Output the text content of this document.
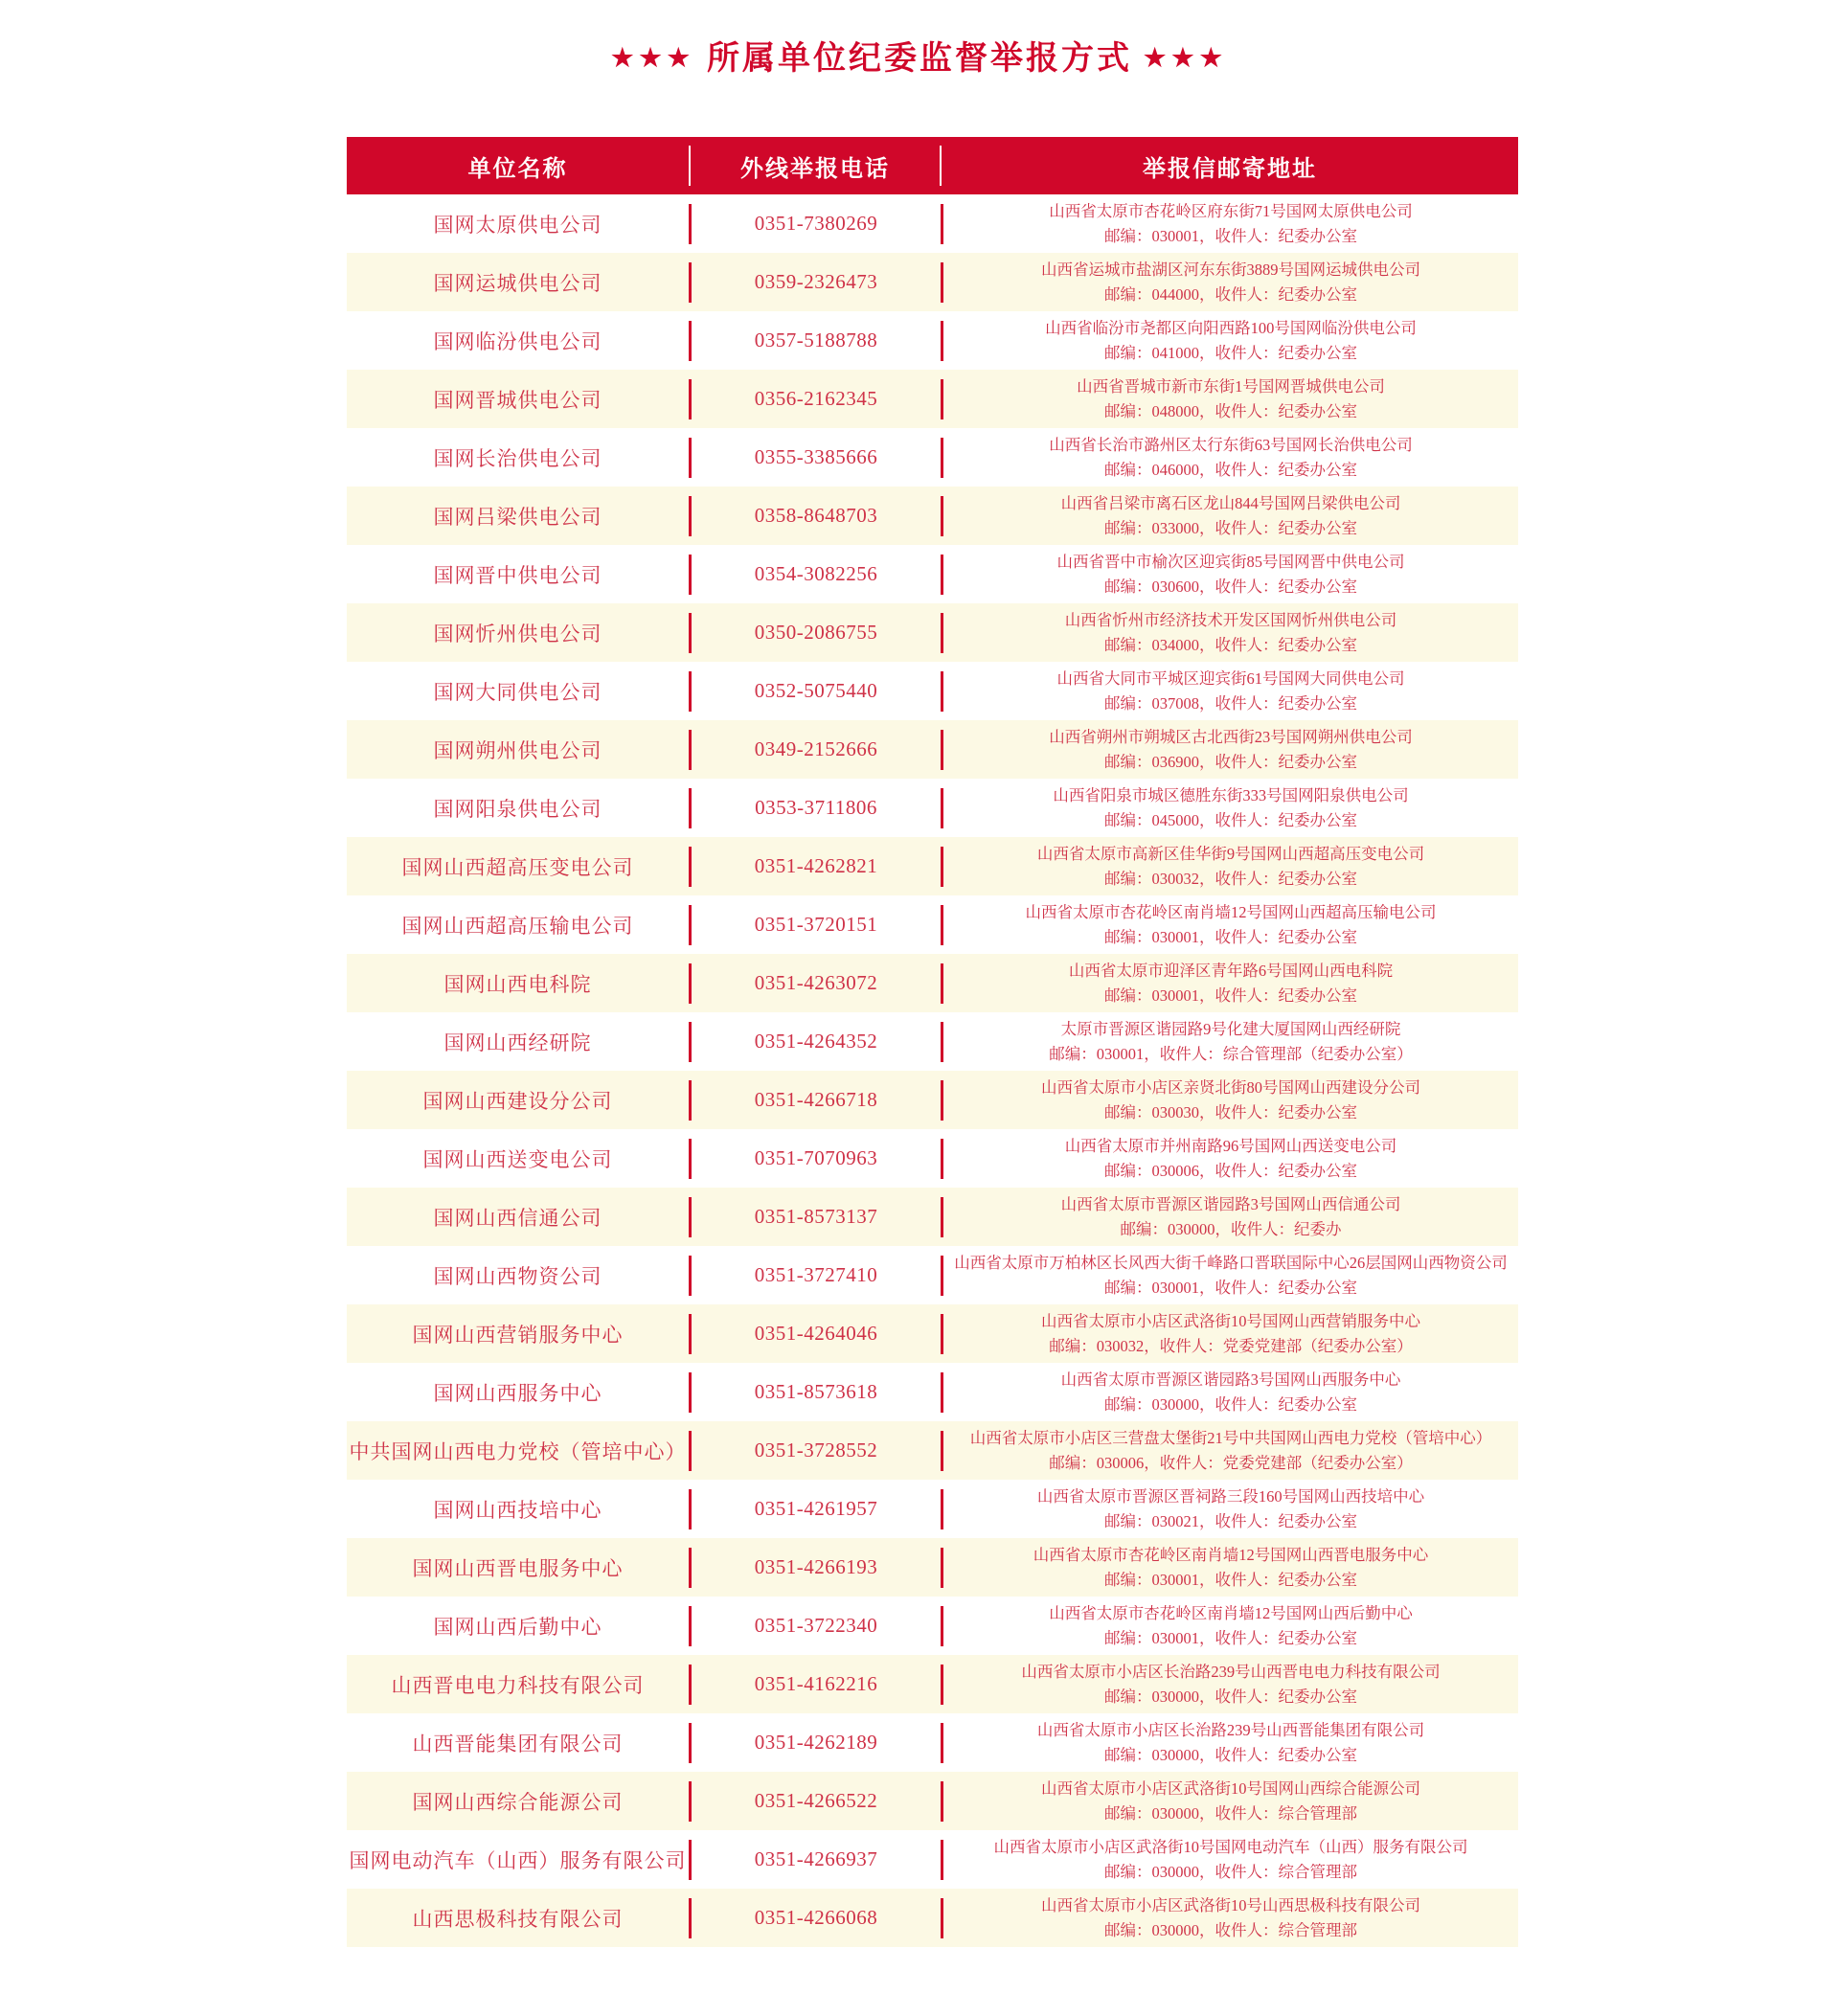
★★★ 所属单位纪委监督举报方式 ★★★
单位名称	外线举报电话	举报信邮寄地址
国网太原供电公司	0351-7380269
山西省太原市杏花岭区府东街71号国网太原供电公司
邮编：030001，收件人：纪委办公室
国网运城供电公司	0359-2326473
山西省运城市盐湖区河东东街3889号国网运城供电公司
邮编：044000，收件人：纪委办公室
国网临汾供电公司	0357-5188788
山西省临汾市尧都区向阳西路100号国网临汾供电公司
邮编：041000，收件人：纪委办公室
国网晋城供电公司	0356-2162345
山西省晋城市新市东街1号国网晋城供电公司
邮编：048000，收件人：纪委办公室
国网长治供电公司	0355-3385666
山西省长治市潞州区太行东街63号国网长治供电公司
邮编：046000，收件人：纪委办公室
国网吕梁供电公司	0358-8648703
山西省吕梁市离石区龙山844号国网吕梁供电公司
邮编：033000，收件人：纪委办公室
国网晋中供电公司	0354-3082256
山西省晋中市榆次区迎宾街85号国网晋中供电公司
邮编：030600，收件人：纪委办公室
国网忻州供电公司	0350-2086755
山西省忻州市经济技术开发区国网忻州供电公司
邮编：034000，收件人：纪委办公室
国网大同供电公司	0352-5075440
山西省大同市平城区迎宾街61号国网大同供电公司
邮编：037008，收件人：纪委办公室
国网朔州供电公司	0349-2152666
山西省朔州市朔城区古北西街23号国网朔州供电公司
邮编：036900，收件人：纪委办公室
国网阳泉供电公司	0353-3711806
山西省阳泉市城区德胜东街333号国网阳泉供电公司
邮编：045000，收件人：纪委办公室
国网山西超高压变电公司	0351-4262821
山西省太原市高新区佳华街9号国网山西超高压变电公司
邮编：030032，收件人：纪委办公室
国网山西超高压输电公司	0351-3720151
山西省太原市杏花岭区南肖墙12号国网山西超高压输电公司
邮编：030001，收件人：纪委办公室
国网山西电科院	0351-4263072
山西省太原市迎泽区青年路6号国网山西电科院
邮编：030001，收件人：纪委办公室
国网山西经研院	0351-4264352
太原市晋源区谐园路9号化建大厦国网山西经研院
邮编：030001，收件人：综合管理部（纪委办公室）
国网山西建设分公司	0351-4266718
山西省太原市小店区亲贤北街80号国网山西建设分公司
邮编：030030，收件人：纪委办公室
国网山西送变电公司	0351-7070963
山西省太原市并州南路96号国网山西送变电公司
邮编：030006，收件人：纪委办公室
国网山西信通公司	0351-8573137
山西省太原市晋源区谐园路3号国网山西信通公司
邮编：030000，收件人：纪委办
国网山西物资公司	0351-3727410
山西省太原市万柏林区长风西大街千峰路口晋联国际中心26层国网山西物资公司
邮编：030001，收件人：纪委办公室
国网山西营销服务中心	0351-4264046
山西省太原市小店区武洛街10号国网山西营销服务中心
邮编：030032，收件人：党委党建部（纪委办公室）
国网山西服务中心	0351-8573618
山西省太原市晋源区谐园路3号国网山西服务中心
邮编：030000，收件人：纪委办公室
中共国网山西电力党校（管培中心）	0351-3728552
山西省太原市小店区三营盘太堡街21号中共国网山西电力党校（管培中心）
邮编：030006，收件人：党委党建部（纪委办公室）
国网山西技培中心	0351-4261957
山西省太原市晋源区晋祠路三段160号国网山西技培中心
邮编：030021，收件人：纪委办公室
国网山西晋电服务中心	0351-4266193
山西省太原市杏花岭区南肖墙12号国网山西晋电服务中心
邮编：030001，收件人：纪委办公室
国网山西后勤中心	0351-3722340
山西省太原市杏花岭区南肖墙12号国网山西后勤中心
邮编：030001，收件人：纪委办公室
山西晋电电力科技有限公司	0351-4162216
山西省太原市小店区长治路239号山西晋电电力科技有限公司
邮编：030000，收件人：纪委办公室
山西晋能集团有限公司	0351-4262189
山西省太原市小店区长治路239号山西晋能集团有限公司
邮编：030000，收件人：纪委办公室
国网山西综合能源公司	0351-4266522
山西省太原市小店区武洛街10号国网山西综合能源公司
邮编：030000，收件人：综合管理部
国网电动汽车（山西）服务有限公司	0351-4266937
山西省太原市小店区武洛街10号国网电动汽车（山西）服务有限公司
邮编：030000，收件人：综合管理部
山西思极科技有限公司	0351-4266068
山西省太原市小店区武洛街10号山西思极科技有限公司
邮编：030000，收件人：综合管理部
